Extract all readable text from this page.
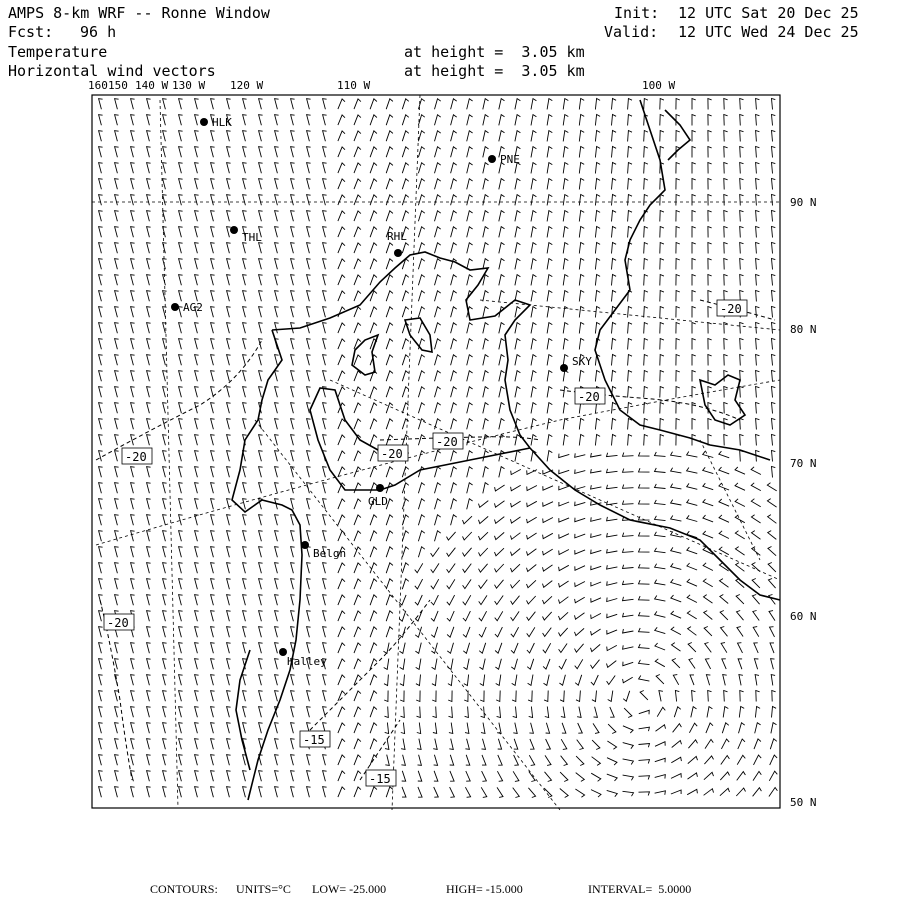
AMPS 8-km WRF -- Ronne Window
Fcst: 96 h
Init: 12 UTC Sat 20 Dec 25
Valid: 12 UTC Wed 24 Dec 25
Temperature
Horizontal wind vectors
at height =  3.05 km
at height =  3.05 km
160 150 140 W 130 W 120 W	110 W	100 W
90 N
80 N
70 N
60 N
50 N
HLK
PNE
THL	RHL
AG2
SKY
GLD
Belgn
Halley
-20	-20
-20
-20
-20
-20
-15
-15
CONTOURS: UNITS=°C LOW= -25.000	HIGH= -15.000	INTERVAL=  5.0000
